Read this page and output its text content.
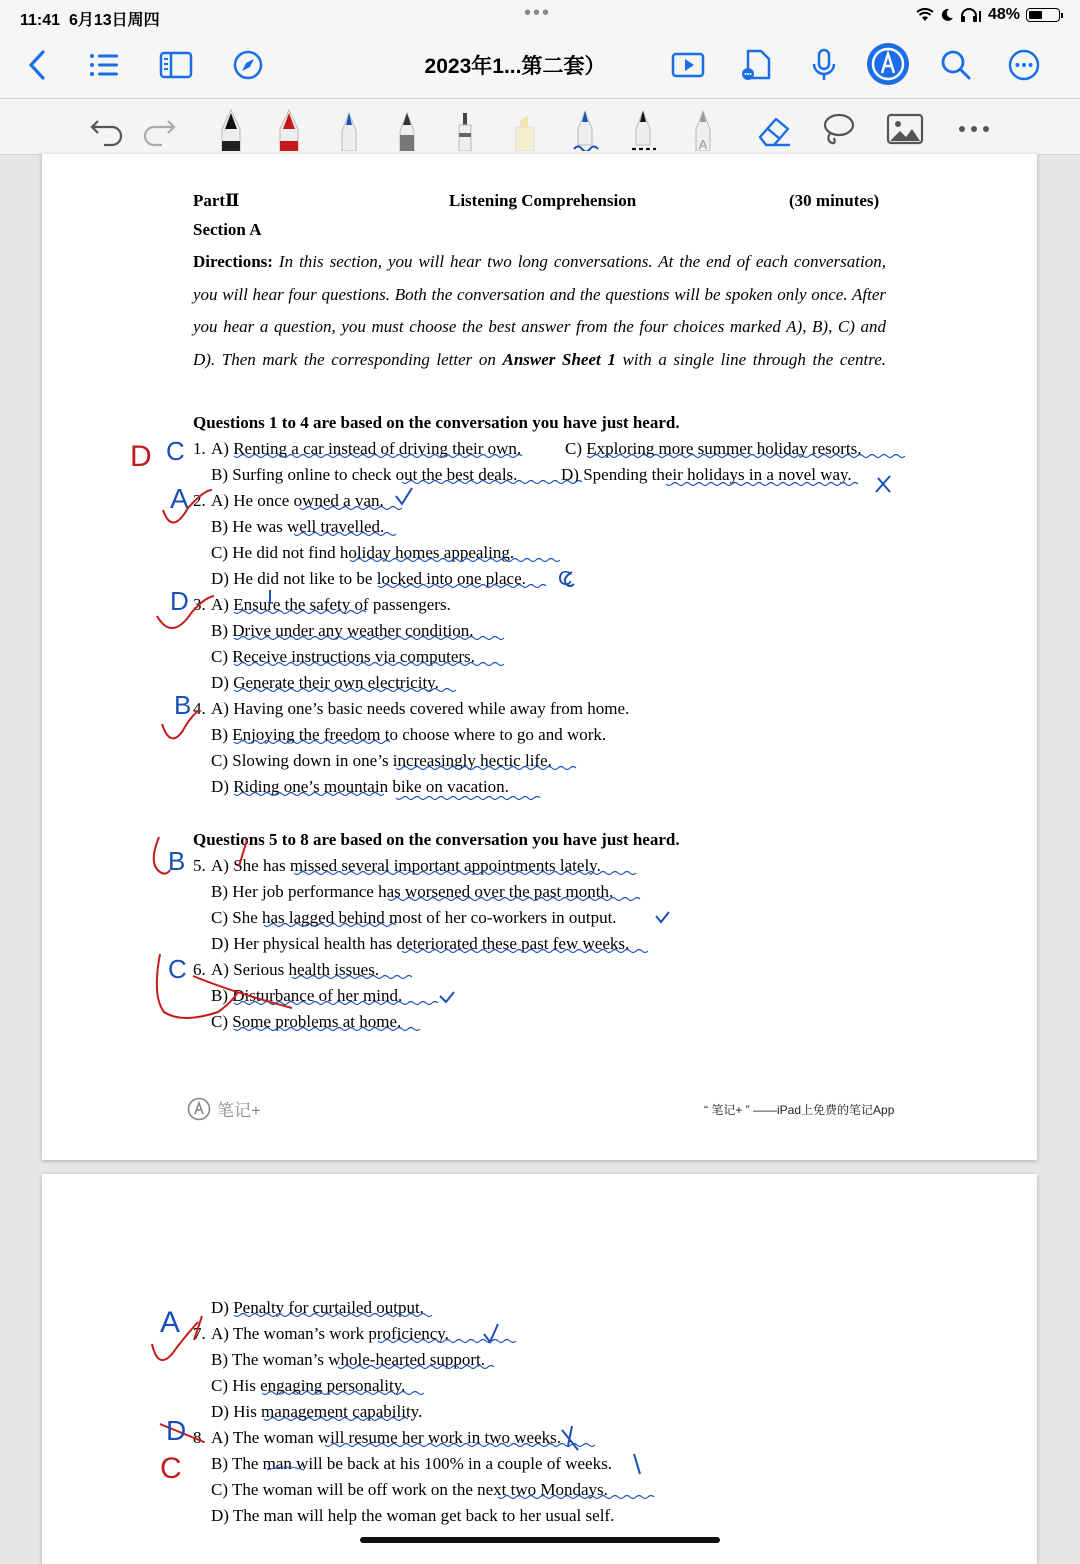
11:41 6月13日周四	•••	48%
2023年1...第二套）
A
PartⅡ	Listening Comprehension	(30 minutes)
Section A
Directions: In this section, you will hear two long conversations. At the end of each conversation, you will hear four questions. Both the conversation and the questions will be spoken only once. After you hear a question, you must choose the best answer from the four choices marked A), B), C) and D). Then mark the corresponding letter on Answer Sheet 1 with a single line through the centre.
Questions 1 to 4 are based on the conversation you have just heard.
1. A) Renting a car instead of driving their own.	C) Exploring more summer holiday resorts.
B) Surfing online to check out the best deals.	D) Spending their holidays in a novel way.
2. A) He once owned a van.
B) He was well travelled.
C) He did not find holiday homes appealing.
D) He did not like to be locked into one place.
3. A) Ensure the safety of passengers.
B) Drive under any weather condition.
C) Receive instructions via computers.
D) Generate their own electricity.
4. A) Having one’s basic needs covered while away from home.
B) Enjoying the freedom to choose where to go and work.
C) Slowing down in one’s increasingly hectic life.
D) Riding one’s mountain bike on vacation.
Questions 5 to 8 are based on the conversation you have just heard.
5. A) She has missed several important appointments lately.
B) Her job performance has worsened over the past month.
C) She has lagged behind most of her co-workers in output.
D) Her physical health has deteriorated these past few weeks.
6. A) Serious health issues.
B) Disturbance of her mind.
C) Some problems at home.
笔记+	“ 笔记+ ” ——iPad上免费的笔记App
D C
A
C
D
B
B
C
D) Penalty for curtailed output.
7. A) The woman’s work proficiency.
B) The woman’s whole-hearted support.
C) His engaging personality.
D) His management capability.
8. A) The woman will resume her work in two weeks.
B) The man will be back at his 100% in a couple of weeks.
C) The woman will be off work on the next two Mondays.
D) The man will help the woman get back to her usual self.
A
D
C
